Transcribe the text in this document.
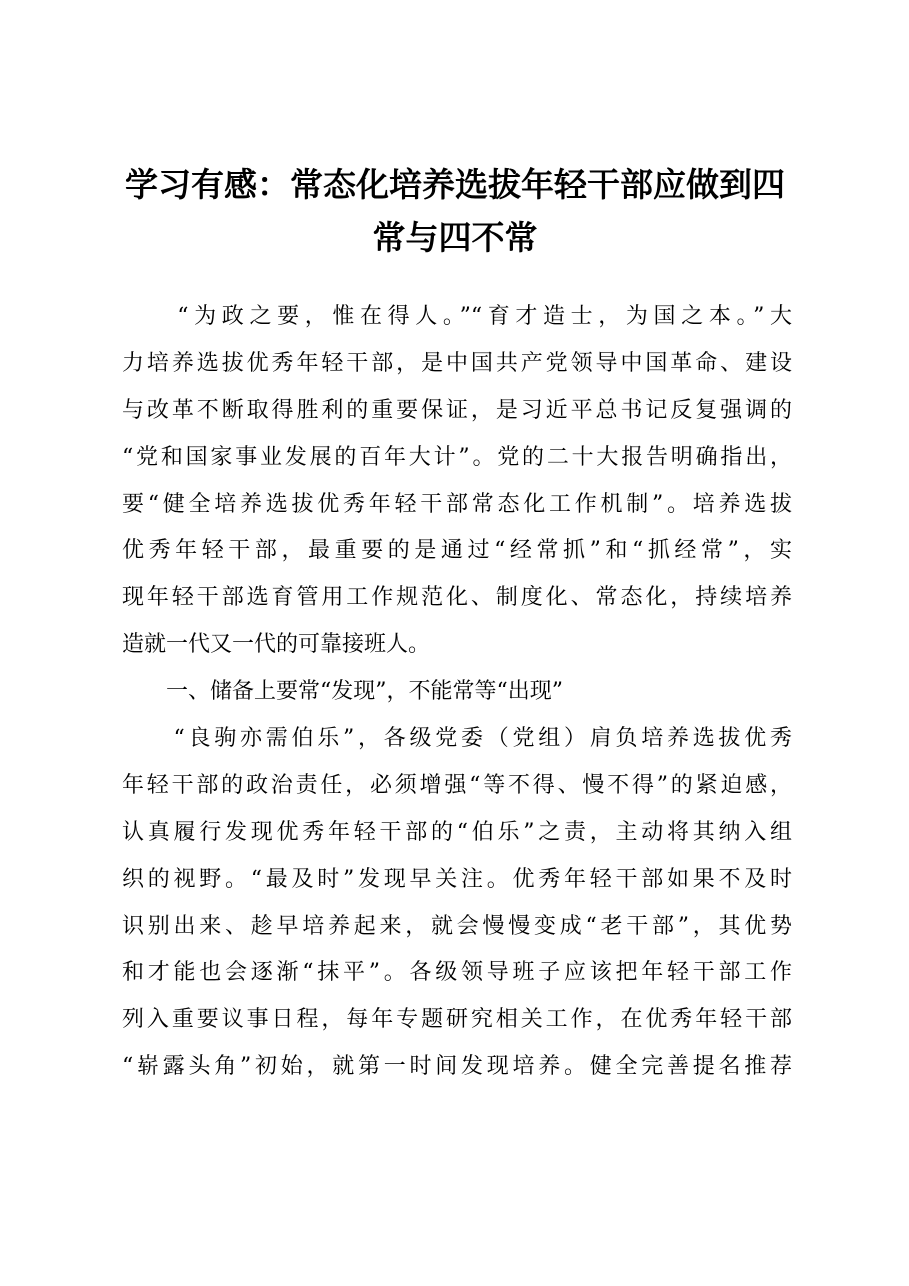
学习有感：常态化培养选拔年轻干部应做到四
常与四不常
　　“为政之要，惟在得人。”“育才造士，为国之本。”大
力培养选拔优秀年轻干部，是中国共产党领导中国革命、建设
与改革不断取得胜利的重要保证，是习近平总书记反复强调的
“党和国家事业发展的百年大计”。党的二十大报告明确指出，
要“健全培养选拔优秀年轻干部常态化工作机制”。培养选拔
优秀年轻干部，最重要的是通过“经常抓”和“抓经常”，实
现年轻干部选育管用工作规范化、制度化、常态化，持续培养
造就一代又一代的可靠接班人。
　　一、储备上要常“发现”，不能常等“出现”
　　“良驹亦需伯乐”，各级党委（党组）肩负培养选拔优秀
年轻干部的政治责任，必须增强“等不得、慢不得”的紧迫感，
认真履行发现优秀年轻干部的“伯乐”之责，主动将其纳入组
织的视野。“最及时”发现早关注。优秀年轻干部如果不及时
识别出来、趁早培养起来，就会慢慢变成“老干部”，其优势
和才能也会逐渐“抹平”。各级领导班子应该把年轻干部工作
列入重要议事日程，每年专题研究相关工作，在优秀年轻干部
“崭露头角”初始，就第一时间发现培养。健全完善提名推荐
